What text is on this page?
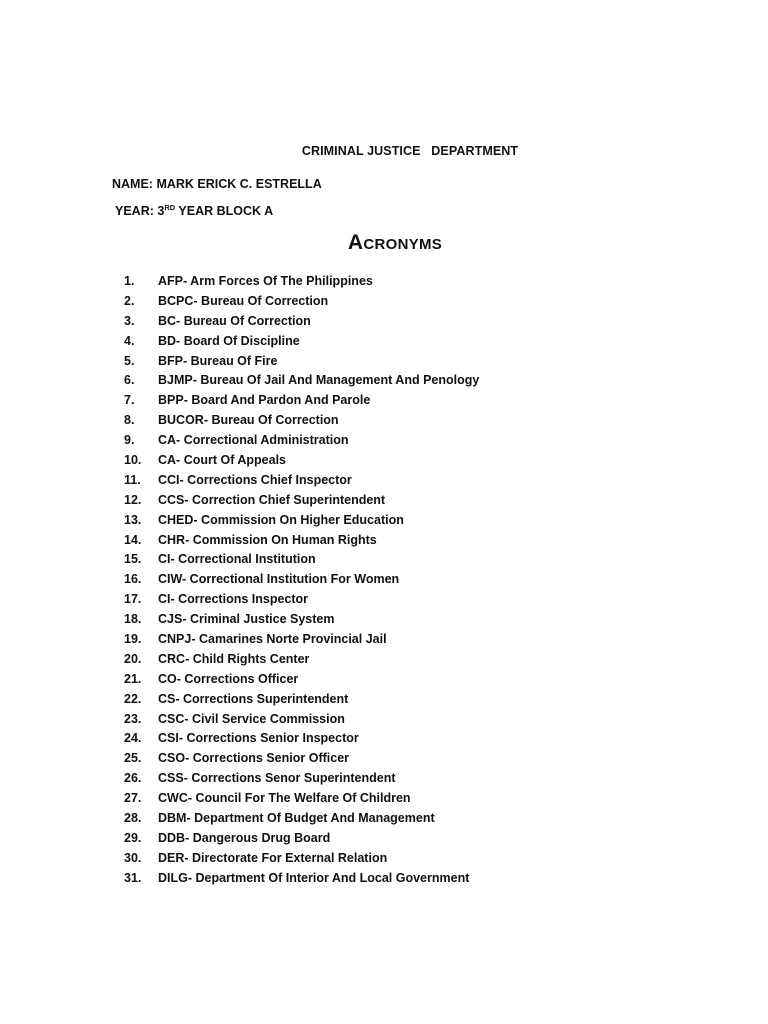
CRIMINAL JUSTICE   DEPARTMENT
NAME: MARK ERICK C. ESTRELLA
YEAR: 3RD YEAR BLOCK A
Acronyms
1. AFP- Arm Forces Of The Philippines
2. BCPC- Bureau Of Correction
3. BC- Bureau Of Correction
4. BD- Board Of Discipline
5. BFP- Bureau Of Fire
6. BJMP- Bureau Of Jail And Management And Penology
7. BPP- Board And Pardon And Parole
8. BUCOR- Bureau Of Correction
9. CA- Correctional Administration
10. CA- Court Of Appeals
11. CCI- Corrections Chief Inspector
12. CCS- Correction Chief Superintendent
13. CHED- Commission On Higher Education
14. CHR- Commission On Human Rights
15. CI- Correctional Institution
16. CIW- Correctional Institution For Women
17. CI- Corrections Inspector
18. CJS- Criminal Justice System
19. CNPJ- Camarines Norte Provincial Jail
20. CRC- Child Rights Center
21. CO- Corrections Officer
22. CS- Corrections Superintendent
23. CSC- Civil Service Commission
24. CSI- Corrections Senior Inspector
25. CSO- Corrections Senior Officer
26. CSS- Corrections Senor Superintendent
27. CWC- Council For The Welfare Of Children
28. DBM- Department Of Budget And Management
29. DDB- Dangerous Drug Board
30. DER- Directorate For External Relation
31. DILG- Department Of Interior And Local Government
